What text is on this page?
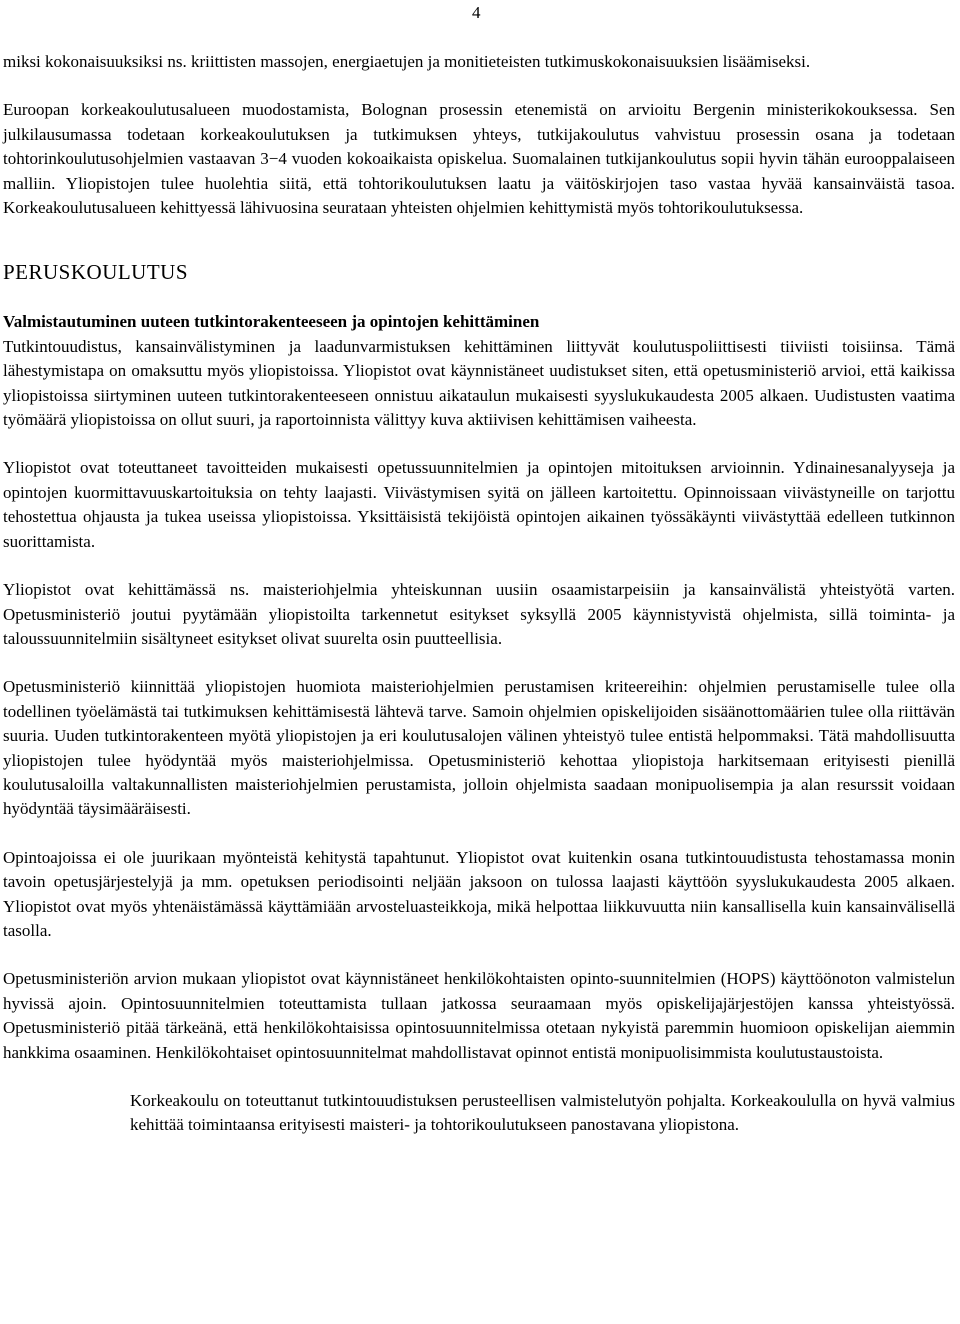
4

miksi kokonaisuuksiksi ns. kriittisten massojen, energiaetujen ja monitieteisten tutkimuskokonaisuuksien lisäämiseksi.

Euroopan korkeakoulutusalueen muodostamista, Bolognan prosessin etenemistä on arvioitu Bergenin ministerikokouksessa. Sen julkilausumassa todetaan korkeakoulutuksen ja tutkimuksen yhteys, tutkijakoulutus vahvistuu prosessin osana ja todetaan tohtorinkoulutusohjelmien vastaavan 3−4 vuoden kokoaikaista opiskelua. Suomalainen tutkijankoulutus sopii hyvin tähän eurooppalaiseen malliin. Yliopistojen tulee huolehtia siitä, että tohtorikoulutuksen laatu ja väitöskirjojen taso vastaa hyvää kansainväistä tasoa. Korkeakoulutusalueen kehittyessä lähivuosina seurataan yhteisten ohjelmien kehittymistä myös tohtorikoulutuksessa.

PERUSKOULUTUS
Valmistautuminen uuteen tutkintorakenteeseen ja opintojen kehittäminen

Tutkintouudistus, kansainvälistyminen ja laadunvarmistuksen kehittäminen liittyvät koulutuspoliittisesti tiiviisti toisiinsa. Tämä lähestymistapa on omaksuttu myös yliopistoissa. Yliopistot ovat käynnistäneet uudistukset siten, että opetusministeriö arvioi, että kaikissa yliopistoissa siirtyminen uuteen tutkintorakenteeseen onnistuu aikataulun mukaisesti syyslukukaudesta 2005 alkaen. Uudistusten vaatima työmäärä yliopistoissa on ollut suuri, ja raportoinnista välittyy kuva aktiivisen kehittämisen vaiheesta.

Yliopistot ovat toteuttaneet tavoitteiden mukaisesti opetussuunnitelmien ja opintojen mitoituksen arvioinnin. Ydinainesanalyyseja ja opintojen kuormittavuuskartoituksia on tehty laajasti. Viivästymisen syitä on jälleen kartoitettu. Opinnoissaan viivästyneille on tarjottu tehostettua ohjausta ja tukea useissa yliopistoissa. Yksittäisistä tekijöistä opintojen aikainen työssäkäynti viivästyttää edelleen tutkinnon suorittamista.

Yliopistot ovat kehittämässä ns. maisteriohjelmia yhteiskunnan uusiin osaamistarpeisiin ja kansainvälistä yhteistyötä varten. Opetusministeriö joutui pyytämään yliopistoilta tarkennetut esitykset syksyllä 2005 käynnistyvistä ohjelmista, sillä toiminta- ja taloussuunnitelmiin sisältyneet esitykset olivat suurelta osin puutteellisia.

Opetusministeriö kiinnittää yliopistojen huomiota maisteriohjelmien perustamisen kriteereihin: ohjelmien perustamiselle tulee olla todellinen työelämästä tai tutkimuksen kehittämisestä lähtevä tarve. Samoin ohjelmien opiskelijoiden sisäänottomäärien tulee olla riittävän suuria. Uuden tutkintorakenteen myötä yliopistojen ja eri koulutusalojen välinen yhteistyö tulee entistä helpommaksi. Tätä mahdollisuutta yliopistojen tulee hyödyntää myös maisteriohjelmissa. Opetusministeriö kehottaa yliopistoja harkitsemaan erityisesti pienillä koulutusaloilla valtakunnallisten maisteriohjelmien perustamista, jolloin ohjelmista saadaan monipuolisempia ja alan resurssit voidaan hyödyntää täysimääräisesti.

Opintoajoissa ei ole juurikaan myönteistä kehitystä tapahtunut. Yliopistot ovat kuitenkin osana tutkintouudistusta tehostamassa monin tavoin opetusjärjestelyjä ja mm. opetuksen periodisointi neljään jaksoon on tulossa laajasti käyttöön syyslukukaudesta 2005 alkaen. Yliopistot ovat myös yhtenäistämässä käyttämiään arvosteluasteikkoja, mikä helpottaa liikkuvuutta niin kansallisella kuin kansainvälisellä tasolla.

Opetusministeriön arvion mukaan yliopistot ovat käynnistäneet henkilökohtaisten opinto-suunnitelmien (HOPS) käyttöönoton valmistelun hyvissä ajoin. Opintosuunnitelmien toteuttamista tullaan jatkossa seuraamaan myös opiskelijajärjestöjen kanssa yhteistyössä. Opetusministeriö pitää tärkeänä, että henkilökohtaisissa opintosuunnitelmissa otetaan nykyistä paremmin huomioon opiskelijan aiemmin hankkima osaaminen. Henkilökohtaiset opintosuunnitelmat mahdollistavat opinnot entistä monipuolisimmista koulutustaustoista.

Korkeakoulu on toteuttanut tutkintouudistuksen perusteellisen valmistelutyön pohjalta. Korkeakoululla on hyvä valmius kehittää toimintaansa erityisesti maisteri- ja tohtorikoulutukseen panostavana yliopistona.
